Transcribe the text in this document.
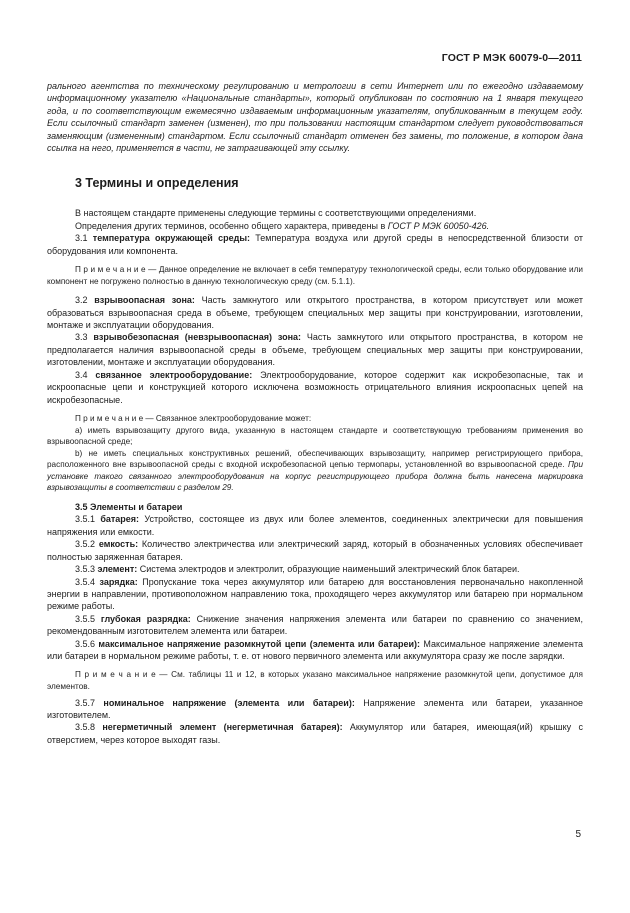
ГОСТ Р МЭК 60079-0—2011

рального агентства по техническому регулированию и метрологии в сети Интернет или по ежегодно издаваемому информационному указателю «Национальные стандарты», который опубликован по состоянию на 1 января текущего года, и по соответствующим ежемесячно издаваемым информационным указателям, опубликованным в текущем году. Если ссылочный стандарт заменен (изменен), то при пользовании настоящим стандартом следует руководствоваться заменяющим (измененным) стандартом. Если ссылочный стандарт отменен без замены, то положение, в котором дана ссылка на него, применяется в части, не затрагивающей эту ссылку.

3 Термины и определения

В настоящем стандарте применены следующие термины с соответствующими определениями.

Определения других терминов, особенно общего характера, приведены в ГОСТ Р МЭК 60050-426.

3.1 температура окружающей среды: Температура воздуха или другой среды в непосредственной близости от оборудования или компонента.

П р и м е ч а н и е — Данное определение не включает в себя температуру технологической среды, если только оборудование или компонент не погружено полностью в данную технологическую среду (см. 5.1.1).

3.2 взрывоопасная зона: Часть замкнутого или открытого пространства, в котором присутствует или может образоваться взрывоопасная среда в объеме, требующем специальных мер защиты при конструировании, изготовлении, монтаже и эксплуатации оборудования.

3.3 взрывобезопасная (невзрывоопасная) зона: Часть замкнутого или открытого пространства, в котором не предполагается наличия взрывоопасной среды в объеме, требующем специальных мер защиты при конструировании, изготовлении, монтаже и эксплуатации оборудования.

3.4 связанное электрооборудование: Электрооборудование, которое содержит как искробезопасные, так и искроопасные цепи и конструкцией которого исключена возможность отрицательного влияния искроопасных цепей на искробезопасные.

П р и м е ч а н и е — Связанное электрооборудование может:

a) иметь взрывозащиту другого вида, указанную в настоящем стандарте и соответствующую требованиям применения во взрывоопасной среде;

b) не иметь специальных конструктивных решений, обеспечивающих взрывозащиту, например регистрирующего прибора, расположенного вне взрывоопасной среды с входной искробезопасной цепью термопары, установленной во взрывоопасной среде. При установке такого связанного электрооборудования на корпус регистрирующего прибора должна быть нанесена маркировка взрывозащиты в соответствии с разделом 29.

3.5 Элементы и батареи

3.5.1 батарея: Устройство, состоящее из двух или более элементов, соединенных электрически для повышения напряжения или емкости.

3.5.2 емкость: Количество электричества или электрический заряд, который в обозначенных условиях обеспечивает полностью заряженная батарея.

3.5.3 элемент: Система электродов и электролит, образующие наименьший электрический блок батареи.

3.5.4 зарядка: Пропускание тока через аккумулятор или батарею для восстановления первоначально накопленной энергии в направлении, противоположном направлению тока, проходящего через аккумулятор или батарею при нормальном режиме работы.

3.5.5 глубокая разрядка: Снижение значения напряжения элемента или батареи по сравнению со значением, рекомендованным изготовителем элемента или батареи.

3.5.6 максимальное напряжение разомкнутой цепи (элемента или батареи): Максимальное напряжение элемента или батареи в нормальном режиме работы, т. е. от нового первичного элемента или аккумулятора сразу же после зарядки.

П р и м е ч а н и е — См. таблицы 11 и 12, в которых указано максимальное напряжение разомкнутой цепи, допустимое для элементов.

3.5.7 номинальное напряжение (элемента или батареи): Напряжение элемента или батареи, указанное изготовителем.

3.5.8 негерметичный элемент (негерметичная батарея): Аккумулятор или батарея, имеющая(ий) крышку с отверстием, через которое выходят газы.

5
